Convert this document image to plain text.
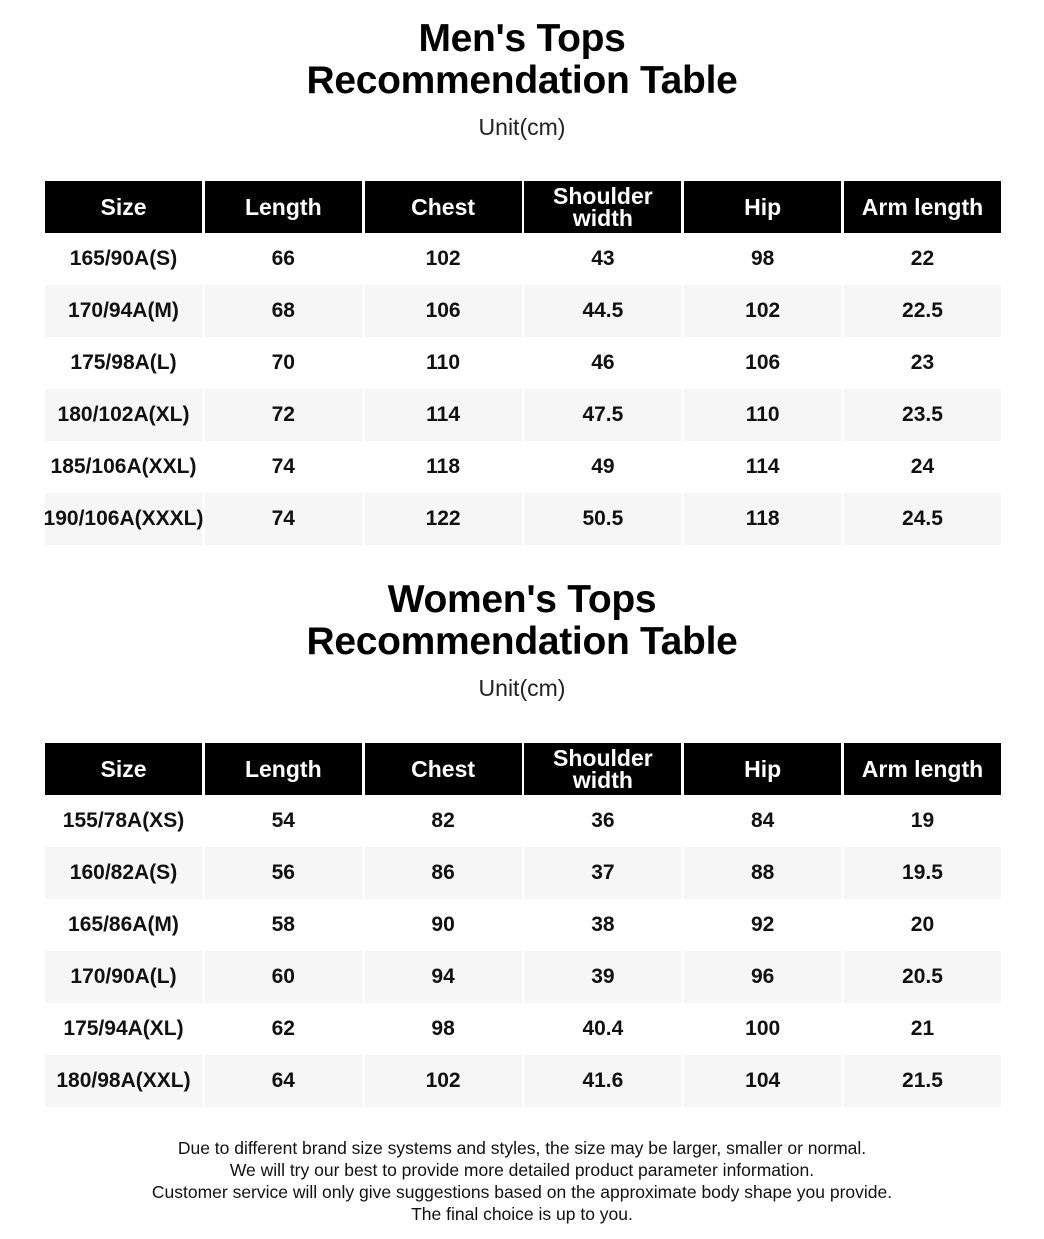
Men's Tops
Recommendation Table
Unit(cm)
Size	Length	Chest	Shoulder width	Hip	Arm length
165/90A(S)	66	102	43	98	22
170/94A(M)	68	106	44.5	102	22.5
175/98A(L)	70	110	46	106	23
180/102A(XL)	72	114	47.5	110	23.5
185/106A(XXL)	74	118	49	114	24
190/106A(XXXL)	74	122	50.5	118	24.5
Women's Tops
Recommendation Table
Unit(cm)
Size	Length	Chest	Shoulder width	Hip	Arm length
155/78A(XS)	54	82	36	84	19
160/82A(S)	56	86	37	88	19.5
165/86A(M)	58	90	38	92	20
170/90A(L)	60	94	39	96	20.5
175/94A(XL)	62	98	40.4	100	21
180/98A(XXL)	64	102	41.6	104	21.5
Due to different brand size systems and styles, the size may be larger, smaller or normal.
We will try our best to provide more detailed product parameter information.
Customer service will only give suggestions based on the approximate body shape you provide.
The final choice is up to you.
